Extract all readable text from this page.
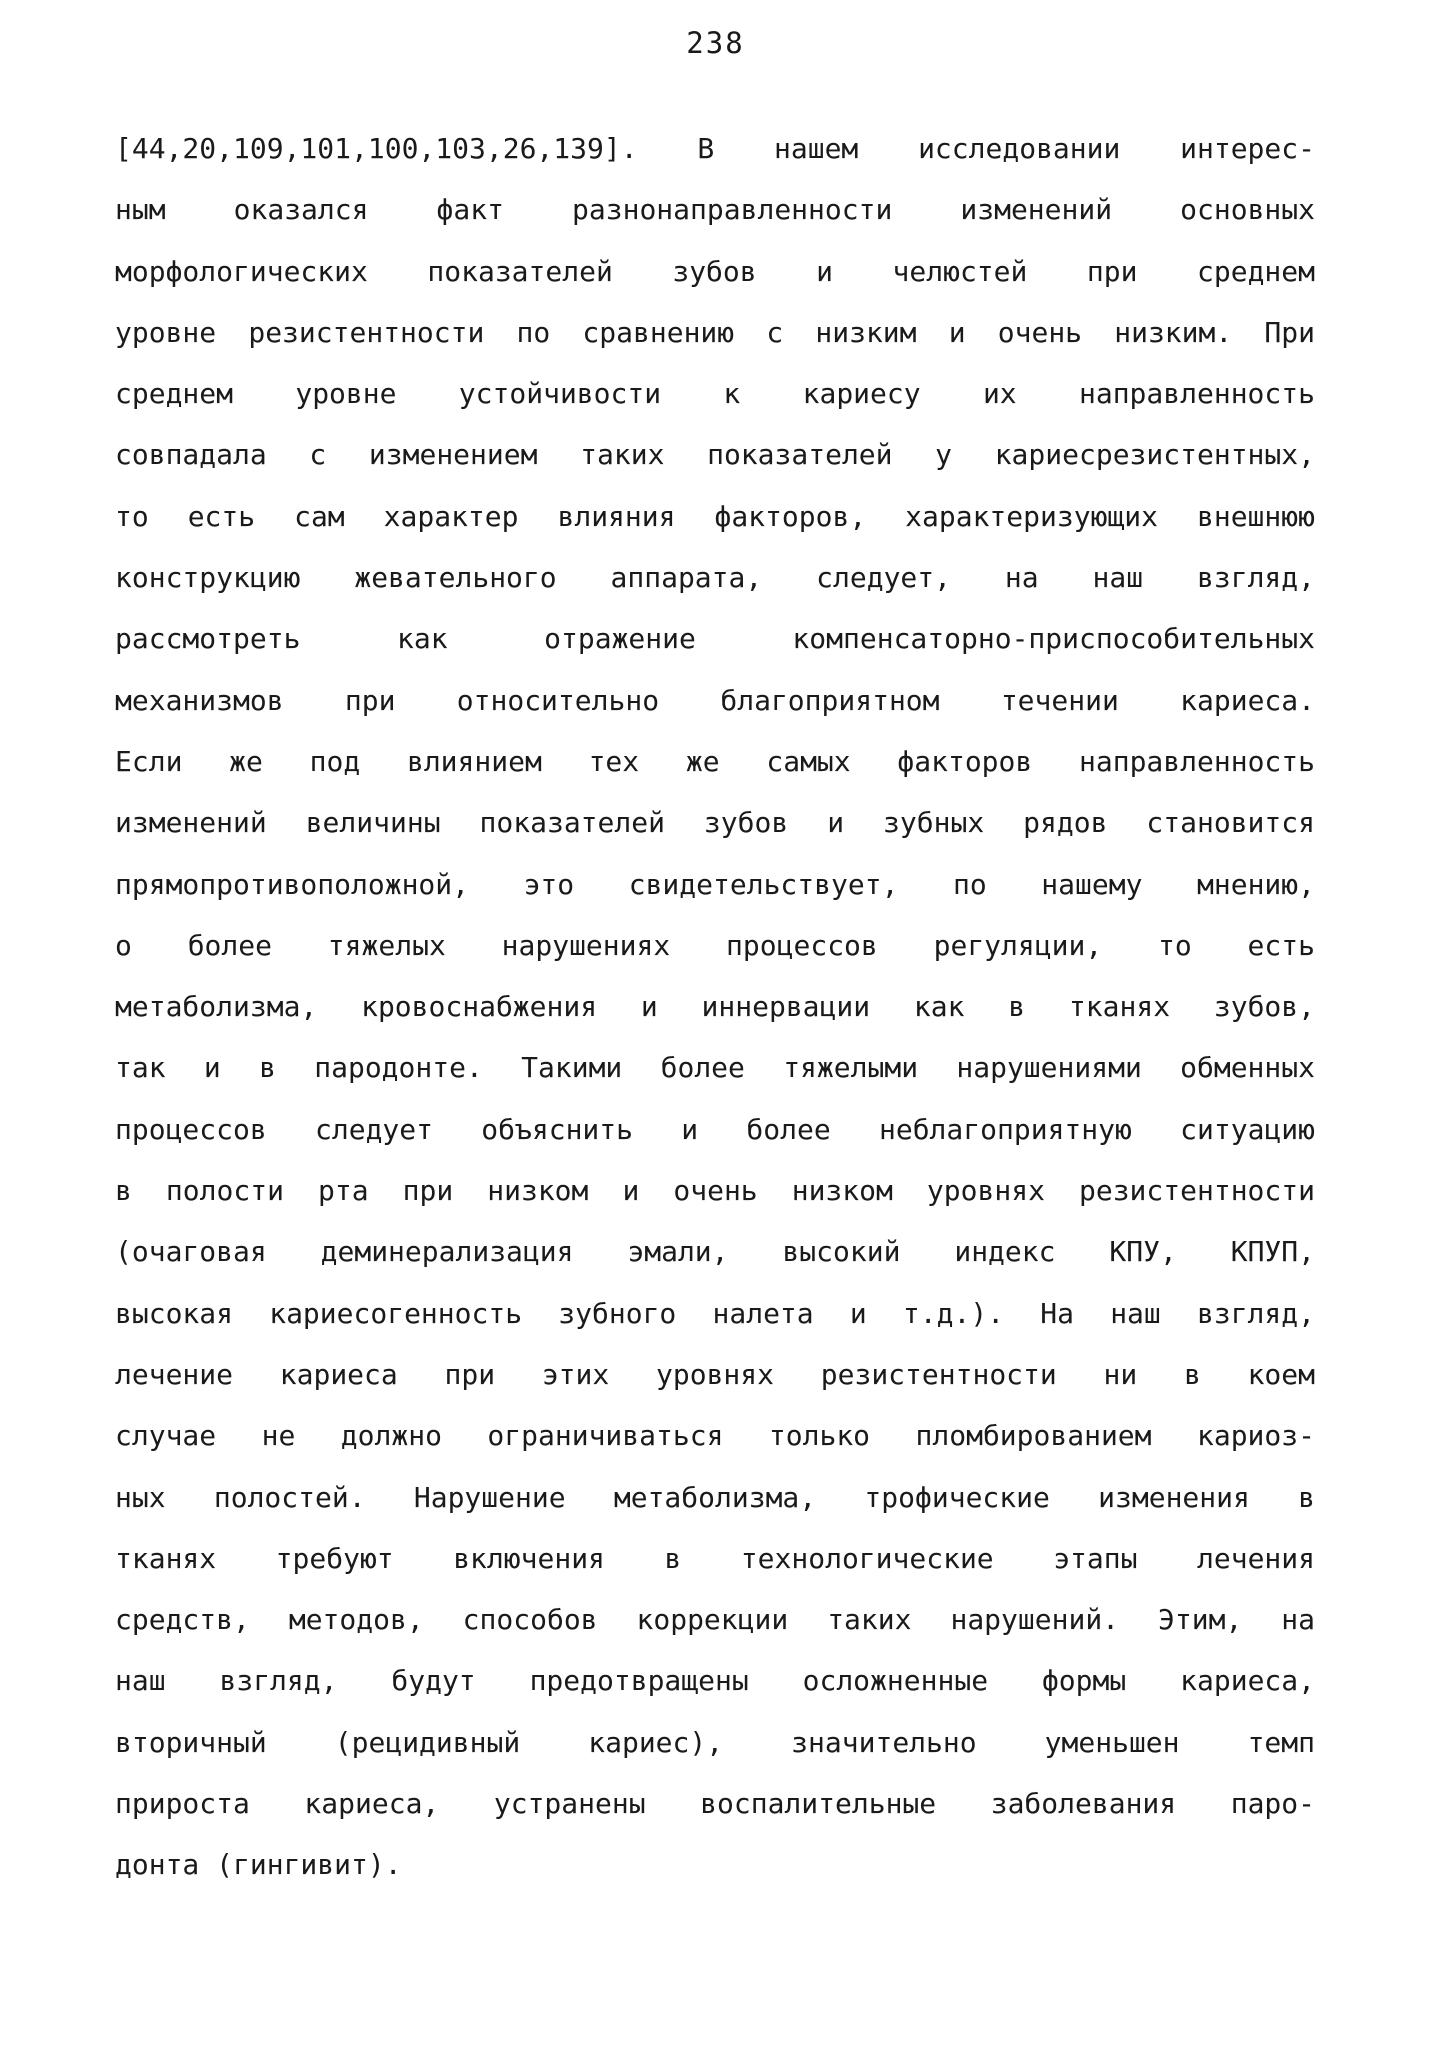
238
[44,20,109,101,100,103,26,139]. В нашем исследовании интерес-
ным оказался факт разнонаправленности изменений основных
морфологических показателей зубов и челюстей при среднем
уровне резистентности по сравнению с низким и очень низким. При
среднем уровне устойчивости к кариесу их направленность
совпадала с изменением таких показателей у кариесрезистентных,
то есть сам характер влияния факторов, характеризующих внешнюю
конструкцию жевательного аппарата, следует, на наш взгляд,
рассмотреть как отражение компенсаторно-приспособительных
механизмов при относительно благоприятном течении кариеса.
Если же под влиянием тех же самых факторов направленность
изменений величины показателей зубов и зубных рядов становится
прямопротивоположной, это свидетельствует, по нашему мнению,
о более тяжелых нарушениях процессов регуляции, то есть
метаболизма, кровоснабжения и иннервации как в тканях зубов,
так и в пародонте. Такими более тяжелыми нарушениями обменных
процессов следует объяснить и более неблагоприятную ситуацию
в полости рта при низком и очень низком уровнях резистентности
(очаговая деминерализация эмали, высокий индекс КПУ, КПУП,
высокая кариесогенность зубного налета и т.д.). На наш взгляд,
лечение кариеса при этих уровнях резистентности ни в коем
случае не должно ограничиваться только пломбированием кариоз-
ных полостей. Нарушение метаболизма, трофические изменения в
тканях требуют включения в технологические этапы лечения
средств, методов, способов коррекции таких нарушений. Этим, на
наш взгляд, будут предотвращены осложненные формы кариеса,
вторичный (рецидивный кариес), значительно уменьшен темп
прироста кариеса, устранены воспалительные заболевания паро-
донта (гингивит).
